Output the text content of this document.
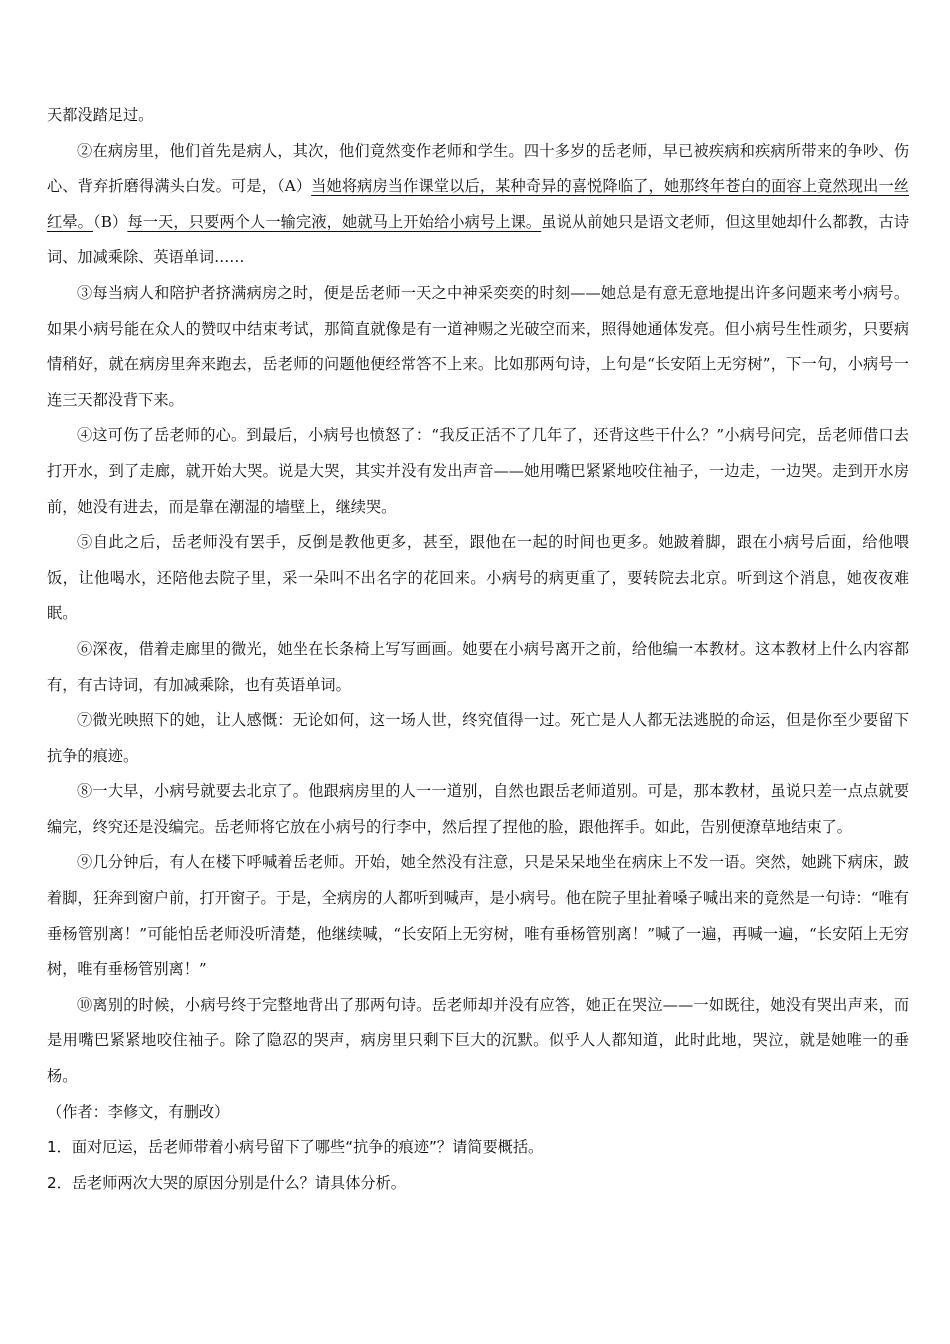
天都没踏足过。

②在病房里，他们首先是病人，其次，他们竟然变作老师和学生。四十多岁的岳老师，早已被疾病和疾病所带来的争吵、伤心、背弃折磨得满头白发。可是，（A）当她将病房当作课堂以后，某种奇异的喜悦降临了，她那终年苍白的面容上竟然现出一丝红晕。（B）每一天，只要两个人一输完液，她就马上开始给小病号上课。虽说从前她只是语文老师，但这里她却什么都教，古诗词、加减乘除、英语单词……

③每当病人和陪护者挤满病房之时，便是岳老师一天之中神采奕奕的时刻——她总是有意无意地提出许多问题来考小病号。如果小病号能在众人的赞叹中结束考试，那简直就像是有一道神赐之光破空而来，照得她通体发亮。但小病号生性顽劣，只要病情稍好，就在病房里奔来跑去，岳老师的问题他便经常答不上来。比如那两句诗，上句是“长安陌上无穷树”，下一句，小病号一连三天都没背下来。

④这可伤了岳老师的心。到最后，小病号也愤怒了：“我反正活不了几年了，还背这些干什么？”小病号问完，岳老师借口去打开水，到了走廊，就开始大哭。说是大哭，其实并没有发出声音——她用嘴巴紧紧地咬住袖子，一边走，一边哭。走到开水房前，她没有进去，而是靠在潮湿的墙壁上，继续哭。

⑤自此之后，岳老师没有罢手，反倒是教他更多，甚至，跟他在一起的时间也更多。她跛着脚，跟在小病号后面，给他喂饭，让他喝水，还陪他去院子里，采一朵叫不出名字的花回来。小病号的病更重了，要转院去北京。听到这个消息，她夜夜难眠。

⑥深夜，借着走廊里的微光，她坐在长条椅上写写画画。她要在小病号离开之前，给他编一本教材。这本教材上什么内容都有，有古诗词，有加减乘除，也有英语单词。

⑦微光映照下的她，让人感慨：无论如何，这一场人世，终究值得一过。死亡是人人都无法逃脱的命运，但是你至少要留下抗争的痕迹。

⑧一大早，小病号就要去北京了。他跟病房里的人一一道别，自然也跟岳老师道别。可是，那本教材，虽说只差一点点就要编完，终究还是没编完。岳老师将它放在小病号的行李中，然后捏了捏他的脸，跟他挥手。如此，告别便潦草地结束了。

⑨几分钟后，有人在楼下呼喊着岳老师。开始，她全然没有注意，只是呆呆地坐在病床上不发一语。突然，她跳下病床，跛着脚，狂奔到窗户前，打开窗子。于是，全病房的人都听到喊声，是小病号。他在院子里扯着嗓子喊出来的竟然是一句诗：“唯有垂杨管别离！”可能怕岳老师没听清楚，他继续喊，“长安陌上无穷树，唯有垂杨管别离！”喊了一遍，再喊一遍，“长安陌上无穷树，唯有垂杨管别离！”

⑩离别的时候，小病号终于完整地背出了那两句诗。岳老师却并没有应答，她正在哭泣——一如既往，她没有哭出声来，而是用嘴巴紧紧地咬住袖子。除了隐忍的哭声，病房里只剩下巨大的沉默。似乎人人都知道，此时此地，哭泣，就是她唯一的垂杨。

（作者：李修文，有删改）

1．面对厄运，岳老师带着小病号留下了哪些“抗争的痕迹”？请简要概括。

2．岳老师两次大哭的原因分别是什么？请具体分析。
